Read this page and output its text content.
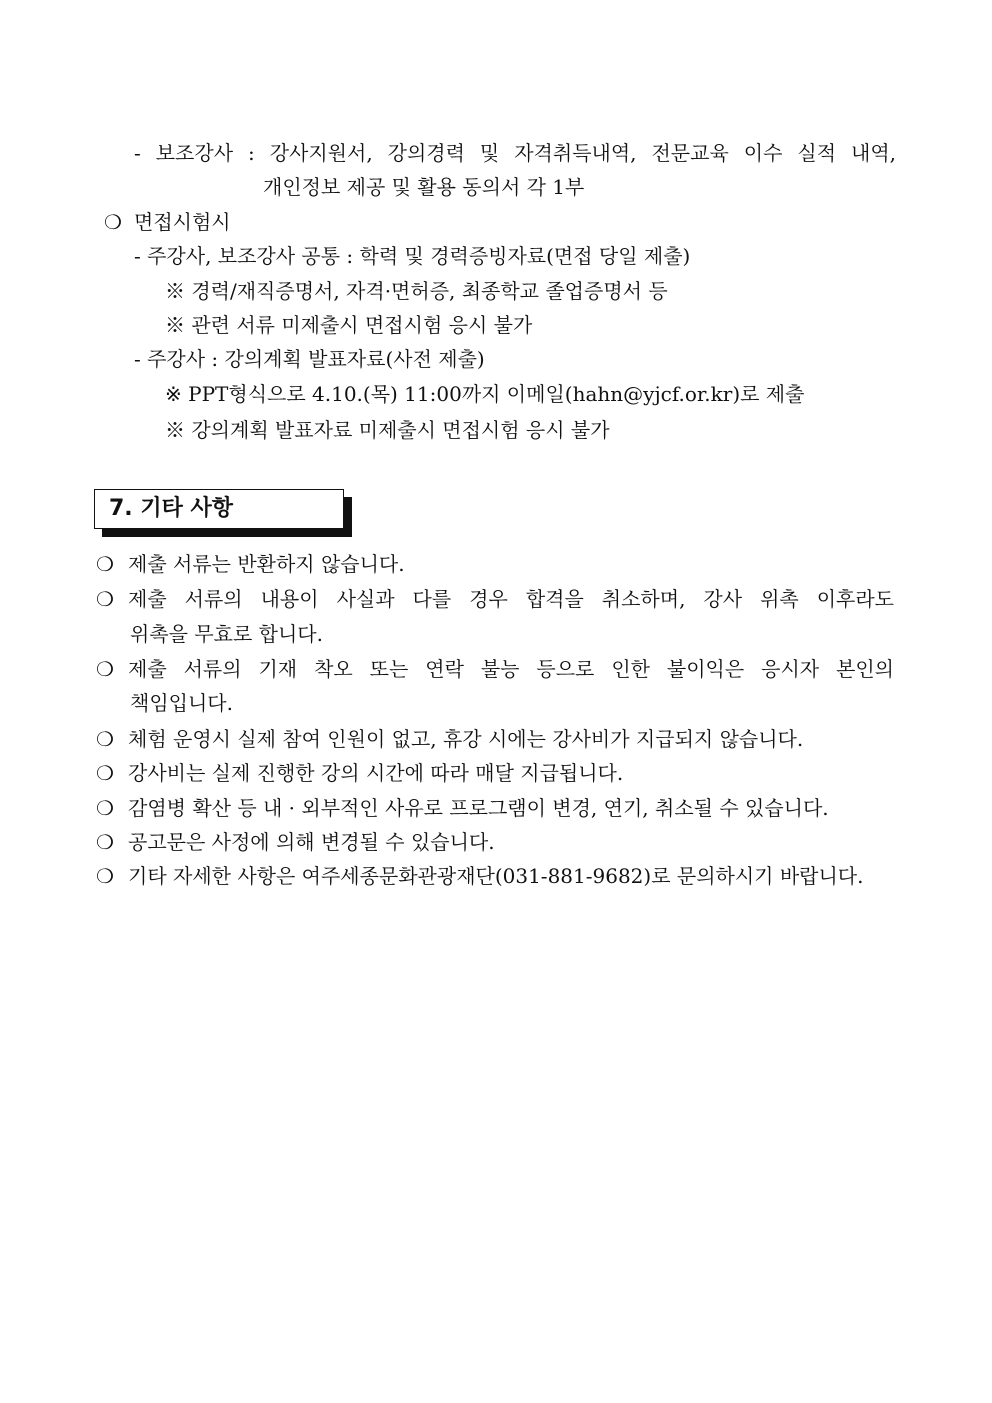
- 보조강사 : 강사지원서, 강의경력 및 자격취득내역, 전문교육 이수 실적 내역,
개인정보 제공 및 활용 동의서 각 1부
❍ 면접시험시
- 주강사, 보조강사 공통 : 학력 및 경력증빙자료(면접 당일 제출)
※ 경력/재직증명서, 자격·면허증, 최종학교 졸업증명서 등
※ 관련 서류 미제출시 면접시험 응시 불가
- 주강사 : 강의계획 발표자료(사전 제출)
※ PPT형식으로 4.10.(목) 11:00까지 이메일(hahn@yjcf.or.kr)로 제출
※ 강의계획 발표자료 미제출시 면접시험 응시 불가
7. 기타 사항
❍ 제출 서류는 반환하지 않습니다.
❍ 제출 서류의 내용이 사실과 다를 경우 합격을 취소하며, 강사 위촉 이후라도
위촉을 무효로 합니다.
❍ 제출 서류의 기재 착오 또는 연락 불능 등으로 인한 불이익은 응시자 본인의
책임입니다.
❍ 체험 운영시 실제 참여 인원이 없고, 휴강 시에는 강사비가 지급되지 않습니다.
❍ 강사비는 실제 진행한 강의 시간에 따라 매달 지급됩니다.
❍ 감염병 확산 등 내 · 외부적인 사유로 프로그램이 변경, 연기, 취소될 수 있습니다.
❍ 공고문은 사정에 의해 변경될 수 있습니다.
❍ 기타 자세한 사항은 여주세종문화관광재단(031-881-9682)로 문의하시기 바랍니다.
